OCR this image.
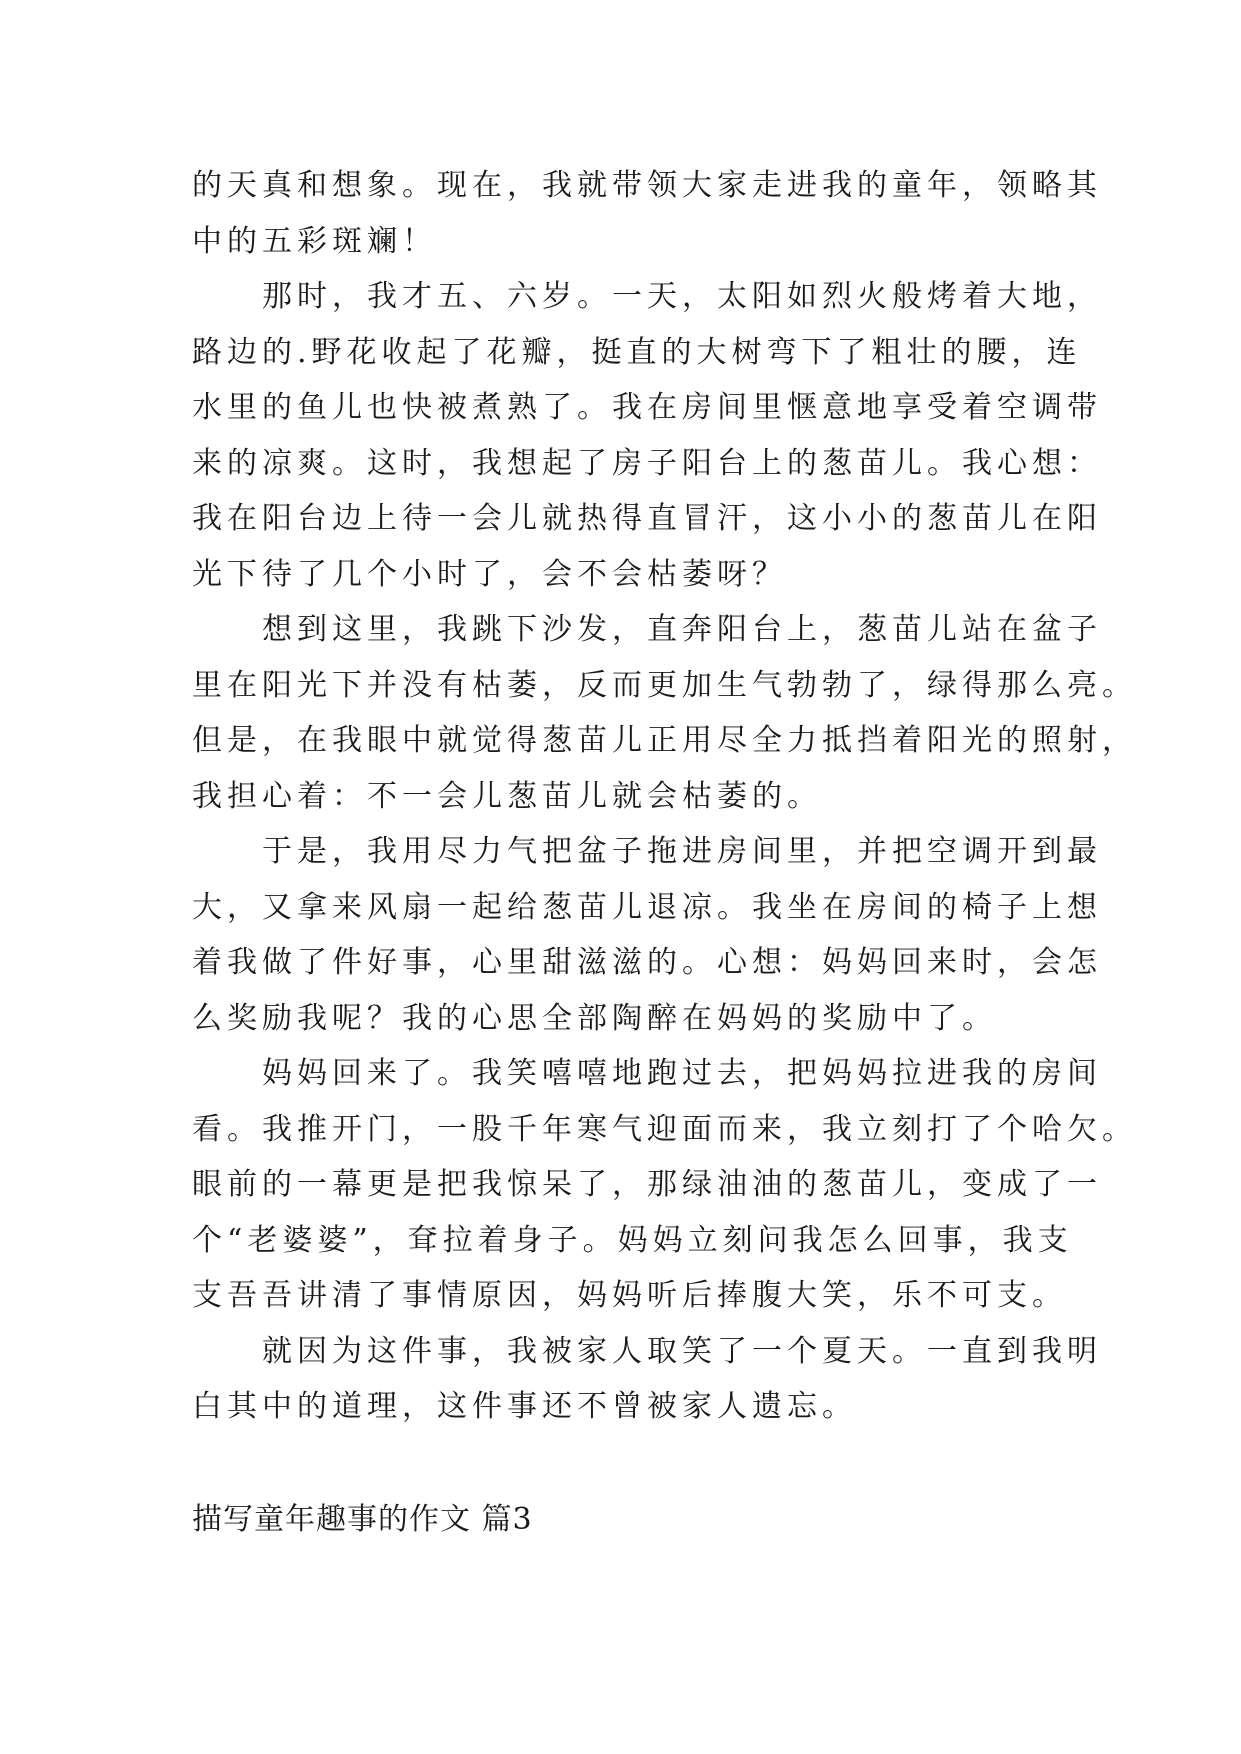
的天真和想象。现在，我就带领大家走进我的童年，领略其

中的五彩斑斓！

那时，我才五、六岁。一天，太阳如烈火般烤着大地，

路边的.野花收起了花瓣，挺直的大树弯下了粗壮的腰，连

水里的鱼儿也快被煮熟了。我在房间里惬意地享受着空调带

来的凉爽。这时，我想起了房子阳台上的葱苗儿。我心想：

我在阳台边上待一会儿就热得直冒汗，这小小的葱苗儿在阳

光下待了几个小时了，会不会枯萎呀？

想到这里，我跳下沙发，直奔阳台上，葱苗儿站在盆子

里在阳光下并没有枯萎，反而更加生气勃勃了，绿得那么亮。

但是，在我眼中就觉得葱苗儿正用尽全力抵挡着阳光的照射，

我担心着：不一会儿葱苗儿就会枯萎的。

于是，我用尽力气把盆子拖进房间里，并把空调开到最

大，又拿来风扇一起给葱苗儿退凉。我坐在房间的椅子上想

着我做了件好事，心里甜滋滋的。心想：妈妈回来时，会怎

么奖励我呢？我的心思全部陶醉在妈妈的奖励中了。

妈妈回来了。我笑嘻嘻地跑过去，把妈妈拉进我的房间

看。我推开门，一股千年寒气迎面而来，我立刻打了个哈欠。

眼前的一幕更是把我惊呆了，那绿油油的葱苗儿，变成了一

个“老婆婆”，耷拉着身子。妈妈立刻问我怎么回事，我支

支吾吾讲清了事情原因，妈妈听后捧腹大笑，乐不可支。

就因为这件事，我被家人取笑了一个夏天。一直到我明

白其中的道理，这件事还不曾被家人遗忘。

描写童年趣事的作文 篇3
